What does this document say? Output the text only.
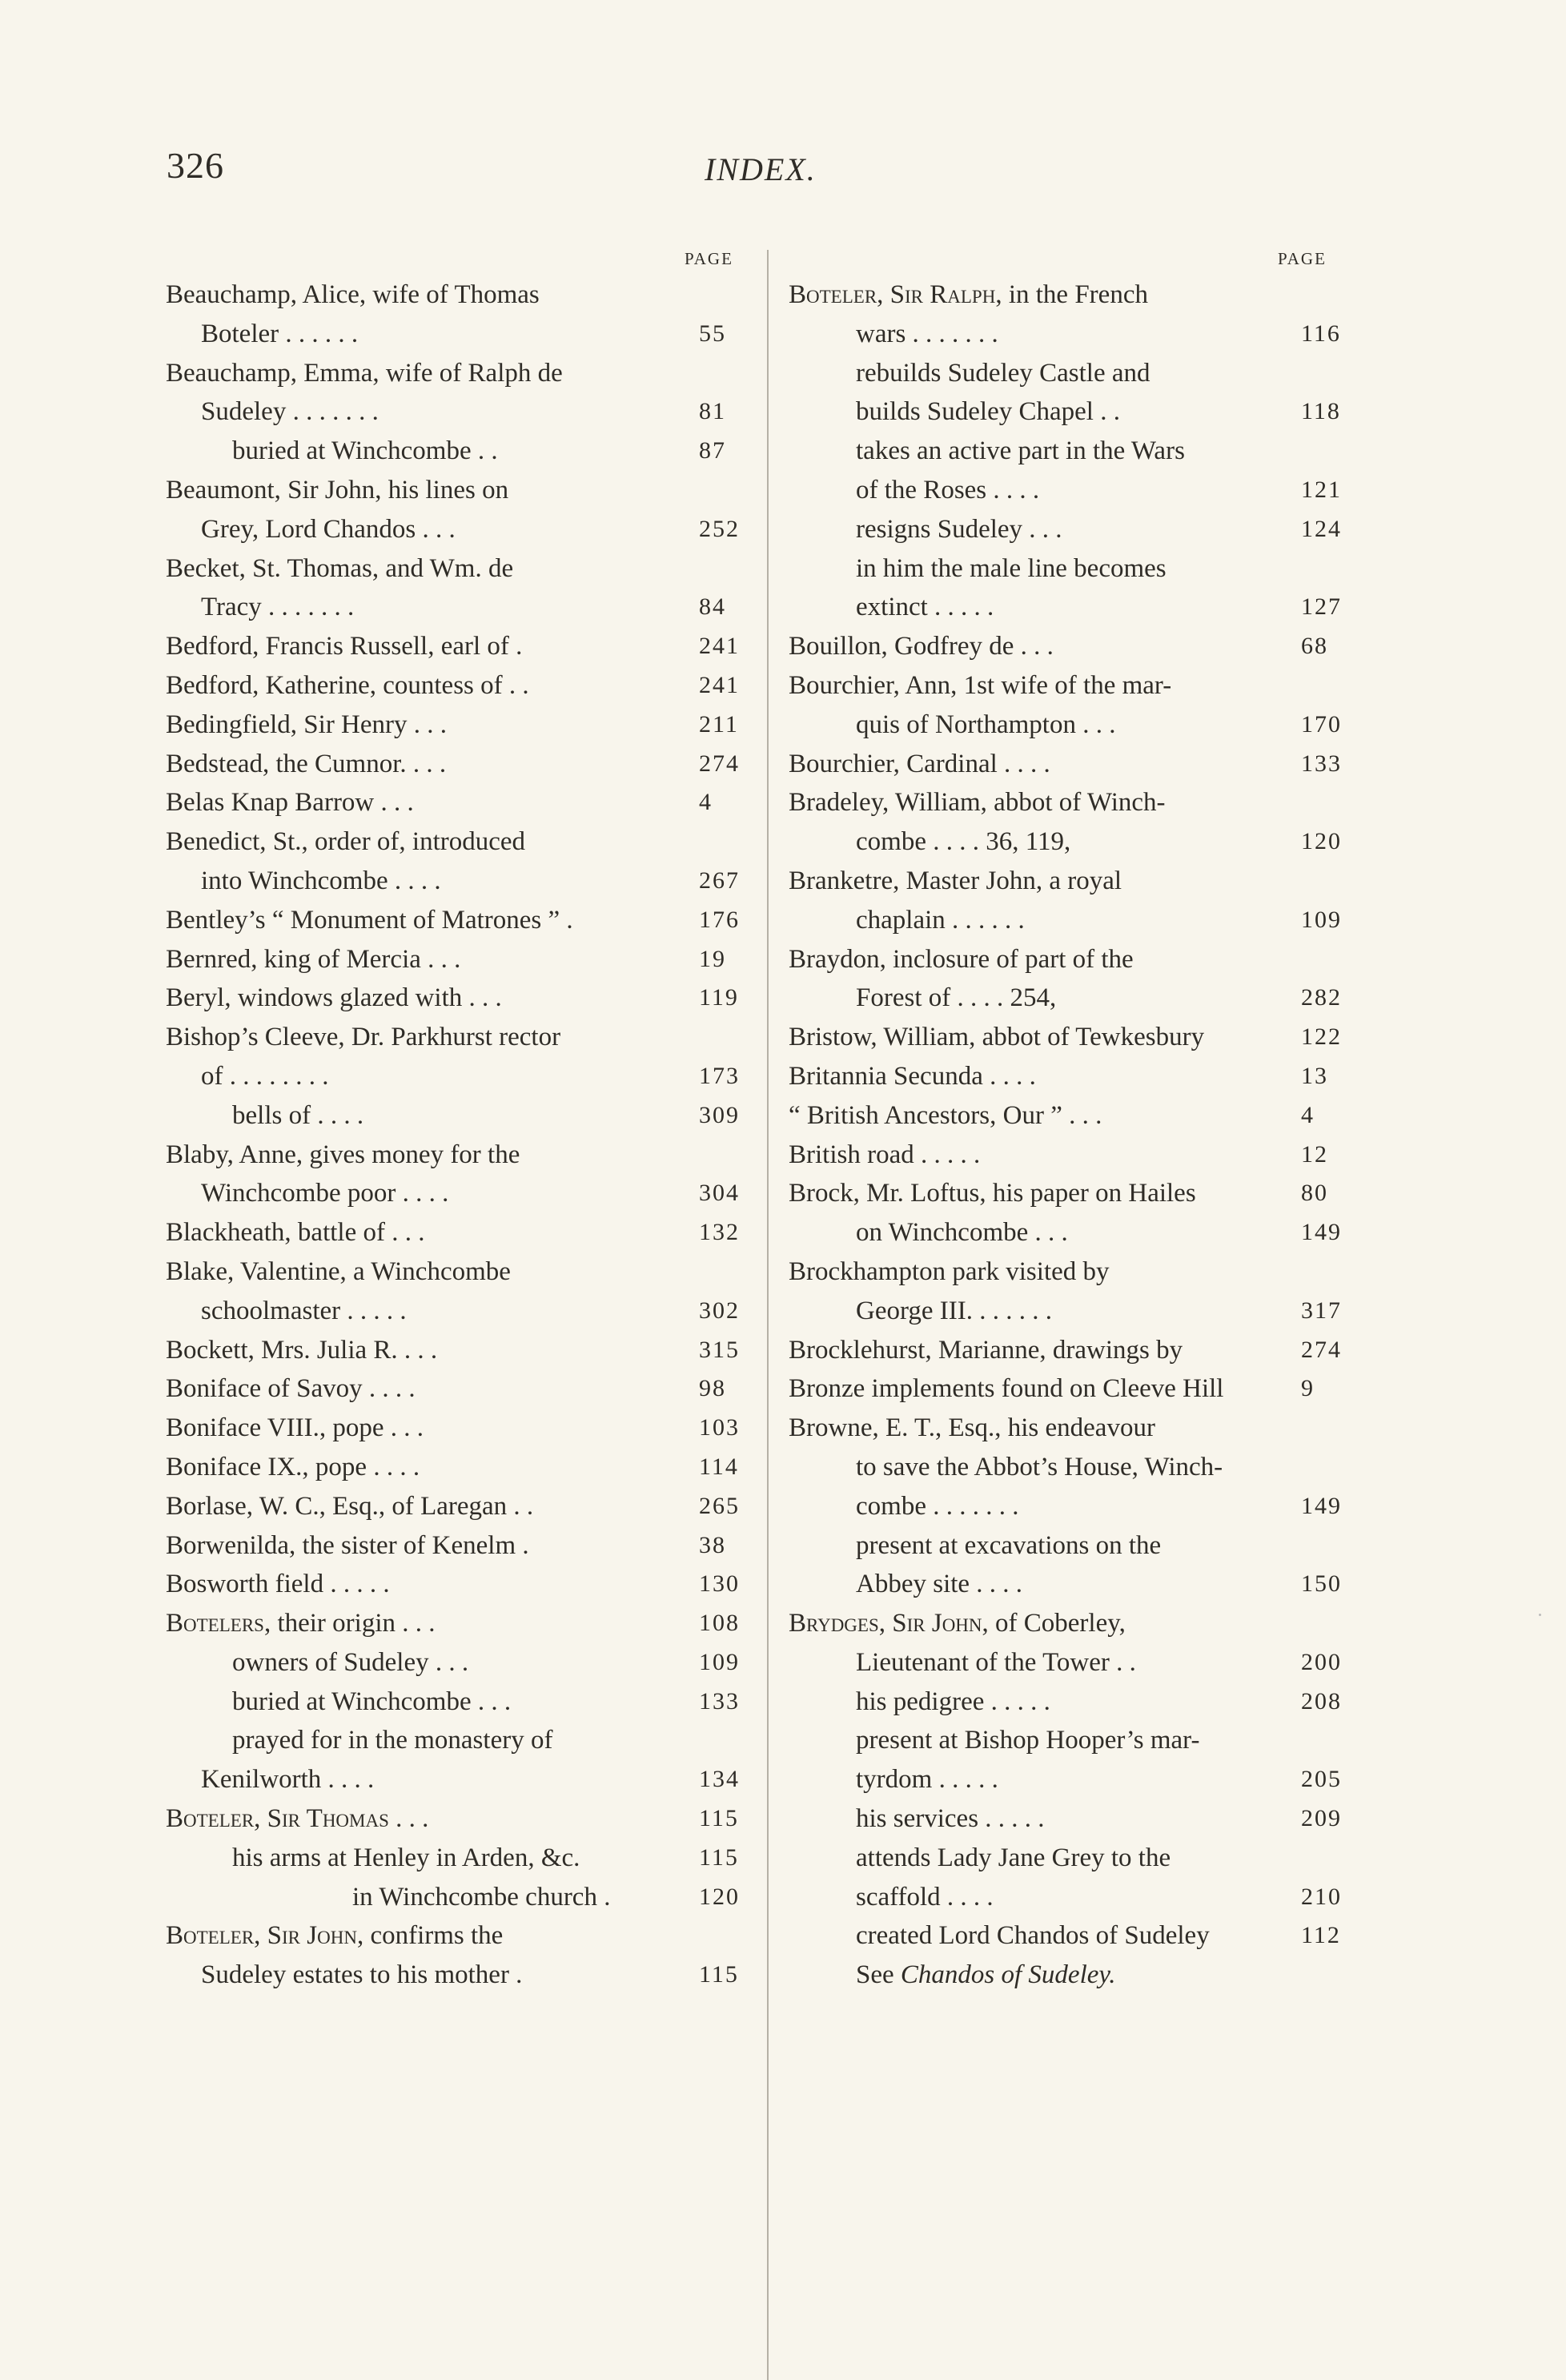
326	INDEX.
PAGE
Beauchamp, Alice, wife of Thomas
Boteler . . . . . .	55
Beauchamp, Emma, wife of Ralph de
Sudeley . . . . . . .	81
buried at Winchcombe . .	87
Beaumont, Sir John, his lines on
Grey, Lord Chandos . . .	252
Becket, St. Thomas, and Wm. de
Tracy . . . . . . .	84
Bedford, Francis Russell, earl of .	241
Bedford, Katherine, countess of . .	241
Bedingfield, Sir Henry . . .	211
Bedstead, the Cumnor. . . .	274
Belas Knap Barrow . . .	4
Benedict, St., order of, introduced
into Winchcombe . . . .	267
Bentley’s “ Monument of Matrones ” .	176
Bernred, king of Mercia . . .	19
Beryl, windows glazed with . . .	119
Bishop’s Cleeve, Dr. Parkhurst rector
of . . . . . . . .	173
bells of . . . .	309
Blaby, Anne, gives money for the
Winchcombe poor . . . .	304
Blackheath, battle of . . .	132
Blake, Valentine, a Winchcombe
schoolmaster . . . . .	302
Bockett, Mrs. Julia R. . . .	315
Boniface of Savoy . . . .	98
Boniface VIII., pope . . .	103
Boniface IX., pope . . . .	114
Borlase, W. C., Esq., of Laregan . .	265
Borwenilda, the sister of Kenelm .	38
Bosworth field . . . . .	130
Botelers, their origin . . .	108
owners of Sudeley . . .	109
buried at Winchcombe . . .	133
prayed for in the monastery of
Kenilworth . . . .	134
Boteler, Sir Thomas . . .	115
his arms at Henley in Arden, &c.	115
in Winchcombe church .	120
Boteler, Sir John, confirms the
Sudeley estates to his mother .	115
PAGE
Boteler, Sir Ralph, in the French
wars . . . . . . .	116
rebuilds Sudeley Castle and
builds Sudeley Chapel . .	118
takes an active part in the Wars
of the Roses . . . .	121
resigns Sudeley . . .	124
in him the male line becomes
extinct . . . . .	127
Bouillon, Godfrey de . . .	68
Bourchier, Ann, 1st wife of the mar-
quis of Northampton . . .	170
Bourchier, Cardinal . . . .	133
Bradeley, William, abbot of Winch-
combe . . . . 36, 119,	120
Branketre, Master John, a royal
chaplain . . . . . .	109
Braydon, inclosure of part of the
Forest of . . . . 254,	282
Bristow, William, abbot of Tewkesbury	122
Britannia Secunda . . . .	13
“ British Ancestors, Our ” . . .	4
British road . . . . .	12
Brock, Mr. Loftus, his paper on Hailes	80
on Winchcombe . . .	149
Brockhampton park visited by
George III. . . . . . .	317
Brocklehurst, Marianne, drawings by	274
Bronze implements found on Cleeve Hill	9
Browne, E. T., Esq., his endeavour
to save the Abbot’s House, Winch-
combe . . . . . . .	149
present at excavations on the
Abbey site . . . .	150
Brydges, Sir John, of Coberley,
Lieutenant of the Tower . .	200
his pedigree . . . . .	208
present at Bishop Hooper’s mar-
tyrdom . . . . .	205
his services . . . . .	209
attends Lady Jane Grey to the
scaffold . . . .	210
created Lord Chandos of Sudeley	112
See Chandos of Sudeley.
